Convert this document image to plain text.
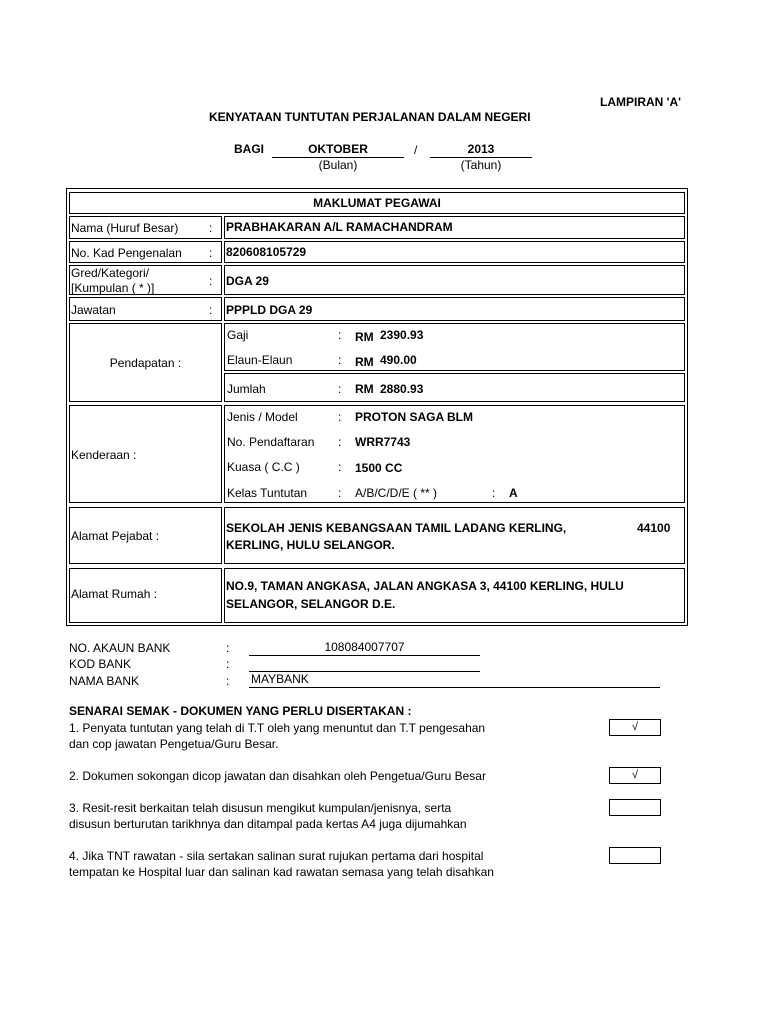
LAMPIRAN 'A'
KENYATAAN TUNTUTAN PERJALANAN DALAM NEGERI
BAGI	OKTOBER
(Bulan)
/	2013
(Tahun)
MAKLUMAT PEGAWAI
Nama (Huruf Besar)	: PRABHAKARAN A/L RAMACHANDRAM
No. Kad Pengenalan : 820608105729
Gred/Kategori/
[Kumpulan ( * )]	: DGA 29
Jawatan	: PPPLD DGA 29
Pendapatan :
Gaji	: RM 2390.93
Elaun-Elaun	: RM 490.00
Jumlah	: RM 2880.93
Kenderaan :
Jenis / Model	: PROTON SAGA BLM
No. Pendaftaran : WRR7743
Kuasa ( C.C )	: 1500 CC
Kelas Tuntutan	: A/B/C/D/E ( ** )	: A
Alamat Pejabat :
SEKOLAH JENIS KEBANGSAAN TAMIL LADANG KERLING,	44100
KERLING, HULU SELANGOR.
Alamat Rumah :
NO.9, TAMAN ANGKASA, JALAN ANGKASA 3, 44100 KERLING, HULU
SELANGOR, SELANGOR D.E.
NO. AKAUN BANK	:	108084007707
KOD BANK	:
NAMA BANK	: MAYBANK
SENARAI SEMAK - DOKUMEN YANG PERLU DISERTAKAN :
1. Penyata tuntutan yang telah di T.T oleh yang menuntut dan T.T pengesahan
dan cop jawatan Pengetua/Guru Besar.
√
2. Dokumen sokongan dicop jawatan dan disahkan oleh Pengetua/Guru Besar	√
3. Resit-resit berkaitan telah disusun mengikut kumpulan/jenisnya, serta
disusun berturutan tarikhnya dan ditampal pada kertas A4 juga dijumahkan
4. Jika TNT rawatan - sila sertakan salinan surat rujukan pertama dari hospital
tempatan ke Hospital luar dan salinan kad rawatan semasa yang telah disahkan
